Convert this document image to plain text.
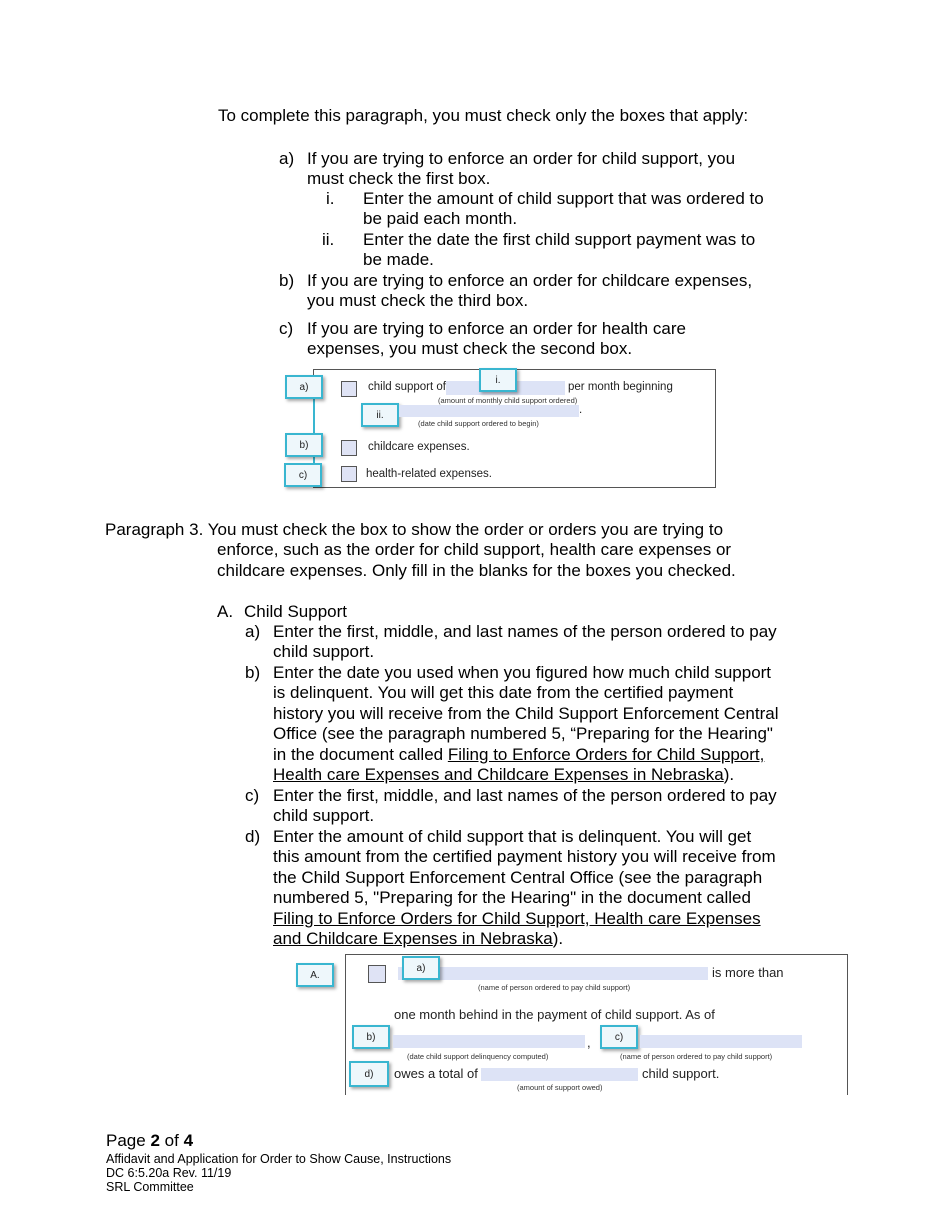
To complete this paragraph, you must check only the boxes that apply:
a) If you are trying to enforce an order for child support, you
must check the first box.
i. Enter the amount of child support that was ordered to
be paid each month.
ii. Enter the date the first child support payment was to
be made.
b) If you are trying to enforce an order for childcare expenses,
you must check the third box.
c) If you are trying to enforce an order for health care
expenses, you must check the second box.
a)	child support of
i.
per month beginning
(amount of monthly child support ordered)
ii.	.
(date child support ordered to begin)
b)	childcare expenses.
c)	health-related expenses.
Paragraph 3. You must check the box to show the order or orders you are trying to
enforce, such as the order for child support, health care expenses or
childcare expenses. Only fill in the blanks for the boxes you checked.
A. Child Support
a) Enter the first, middle, and last names of the person ordered to pay
child support.
b) Enter the date you used when you figured how much child support
is delinquent. You will get this date from the certified payment
history you will receive from the Child Support Enforcement Central
Office (see the paragraph numbered 5, “Preparing for the Hearing"
in the document called Filing to Enforce Orders for Child Support,
Health care Expenses and Childcare Expenses in Nebraska).
c) Enter the first, middle, and last names of the person ordered to pay
child support.
d) Enter the amount of child support that is delinquent. You will get
this amount from the certified payment history you will receive from
the Child Support Enforcement Central Office (see the paragraph
numbered 5, "Preparing for the Hearing" in the document called
Filing to Enforce Orders for Child Support, Health care Expenses
and Childcare Expenses in Nebraska).
A.
a)	is more than
(name of person ordered to pay child support)
one month behind in the payment of child support. As of
b)	,	c)
(date child support delinquency computed)	(name of person ordered to pay child support)
d)	owes a total of	child support.
(amount of support owed)
Page 2 of 4
Affidavit and Application for Order to Show Cause, Instructions
DC 6:5.20a Rev. 11/19
SRL Committee
